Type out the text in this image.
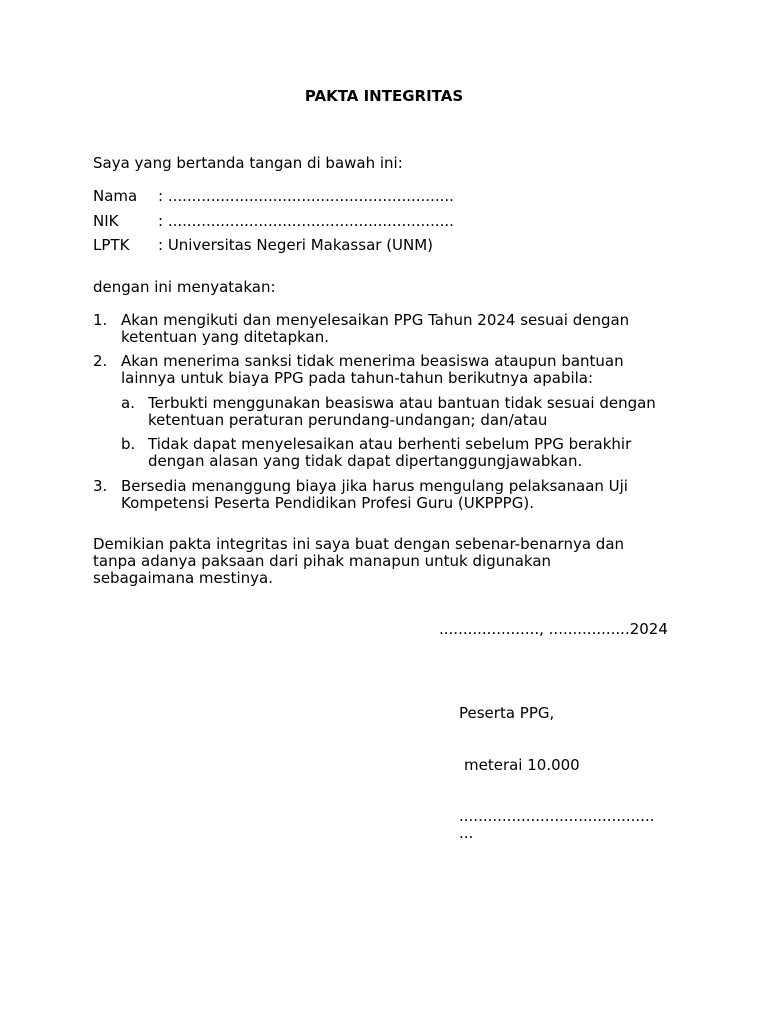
PAKTA INTEGRITAS
Saya yang bertanda tangan di bawah ini:
Nama : ............................................................
NIK	: ............................................................
LPTK : Universitas Negeri Makassar (UNM)
dengan ini menyatakan:
1. Akan mengikuti dan menyelesaikan PPG Tahun 2024 sesuai dengan
ketentuan yang ditetapkan.
2. Akan menerima sanksi tidak menerima beasiswa ataupun bantuan
lainnya untuk biaya PPG pada tahun-tahun berikutnya apabila:
a. Terbukti menggunakan beasiswa atau bantuan tidak sesuai dengan
ketentuan peraturan perundang-undangan; dan/atau
b. Tidak dapat menyelesaikan atau berhenti sebelum PPG berakhir
dengan alasan yang tidak dapat dipertanggungjawabkan.
3. Bersedia menanggung biaya jika harus mengulang pelaksanaan Uji
Kompetensi Peserta Pendidikan Profesi Guru (UKPPPG).
Demikian pakta integritas ini saya buat dengan sebenar-benarnya dan
tanpa adanya paksaan dari pihak manapun untuk digunakan
sebagaimana mestinya.
....................., .................2024
Peserta PPG,
meterai 10.000
.........................................
...
